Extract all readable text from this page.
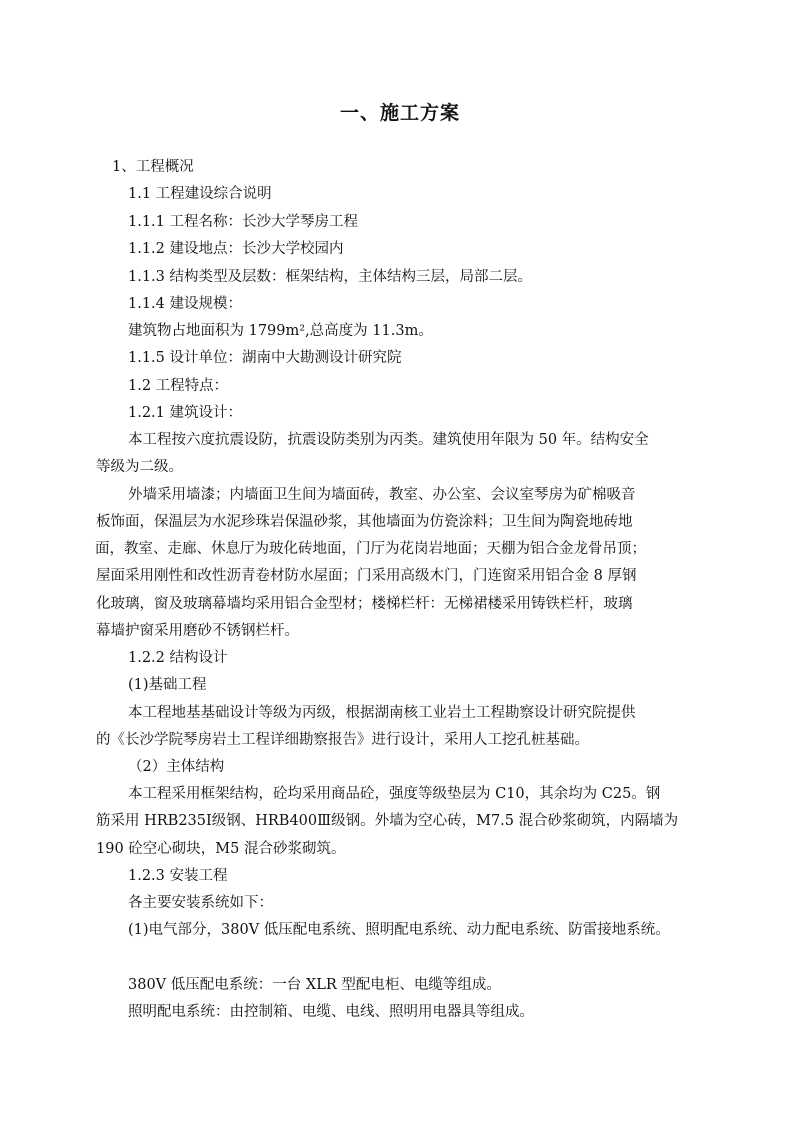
一、施工方案
1、工程概况
1.1 工程建设综合说明
1.1.1 工程名称：长沙大学琴房工程
1.1.2 建设地点：长沙大学校园内
1.1.3 结构类型及层数：框架结构，主体结构三层，局部二层。
1.1.4 建设规模：
建筑物占地面积为 1799m²,总高度为 11.3m。
1.1.5 设计单位：湖南中大勘测设计研究院
1.2 工程特点：
1.2.1 建筑设计：
本工程按六度抗震设防，抗震设防类别为丙类。建筑使用年限为 50 年。结构安全
等级为二级。
外墙采用墙漆；内墙面卫生间为墙面砖，教室、办公室、会议室琴房为矿棉吸音
板饰面，保温层为水泥珍珠岩保温砂浆，其他墙面为仿瓷涂料；卫生间为陶瓷地砖地
面，教室、走廊、休息厅为玻化砖地面，门厅为花岗岩地面；天棚为铝合金龙骨吊顶；
屋面采用刚性和改性沥青卷材防水屋面；门采用高级木门，门连窗采用铝合金 8 厚钢
化玻璃，窗及玻璃幕墙均采用铝合金型材；楼梯栏杆：无梯裙楼采用铸铁栏杆，玻璃
幕墙护窗采用磨砂不锈钢栏杆。
1.2.2 结构设计
(1)基础工程
本工程地基基础设计等级为丙级，根据湖南核工业岩土工程勘察设计研究院提供
的《长沙学院琴房岩土工程详细勘察报告》进行设计，采用人工挖孔桩基础。
（2）主体结构
本工程采用框架结构，砼均采用商品砼，强度等级垫层为 C10，其余均为 C25。钢
筋采用 HRB235Ⅰ级钢、HRB400Ⅲ级钢。外墙为空心砖，M7.5 混合砂浆砌筑，内隔墙为
190 砼空心砌块，M5 混合砂浆砌筑。
1.2.3 安装工程
各主要安装系统如下：
(1)电气部分，380V 低压配电系统、照明配电系统、动力配电系统、防雷接地系统。
380V 低压配电系统：一台 XLR 型配电柜、电缆等组成。
照明配电系统：由控制箱、电缆、电线、照明用电器具等组成。
